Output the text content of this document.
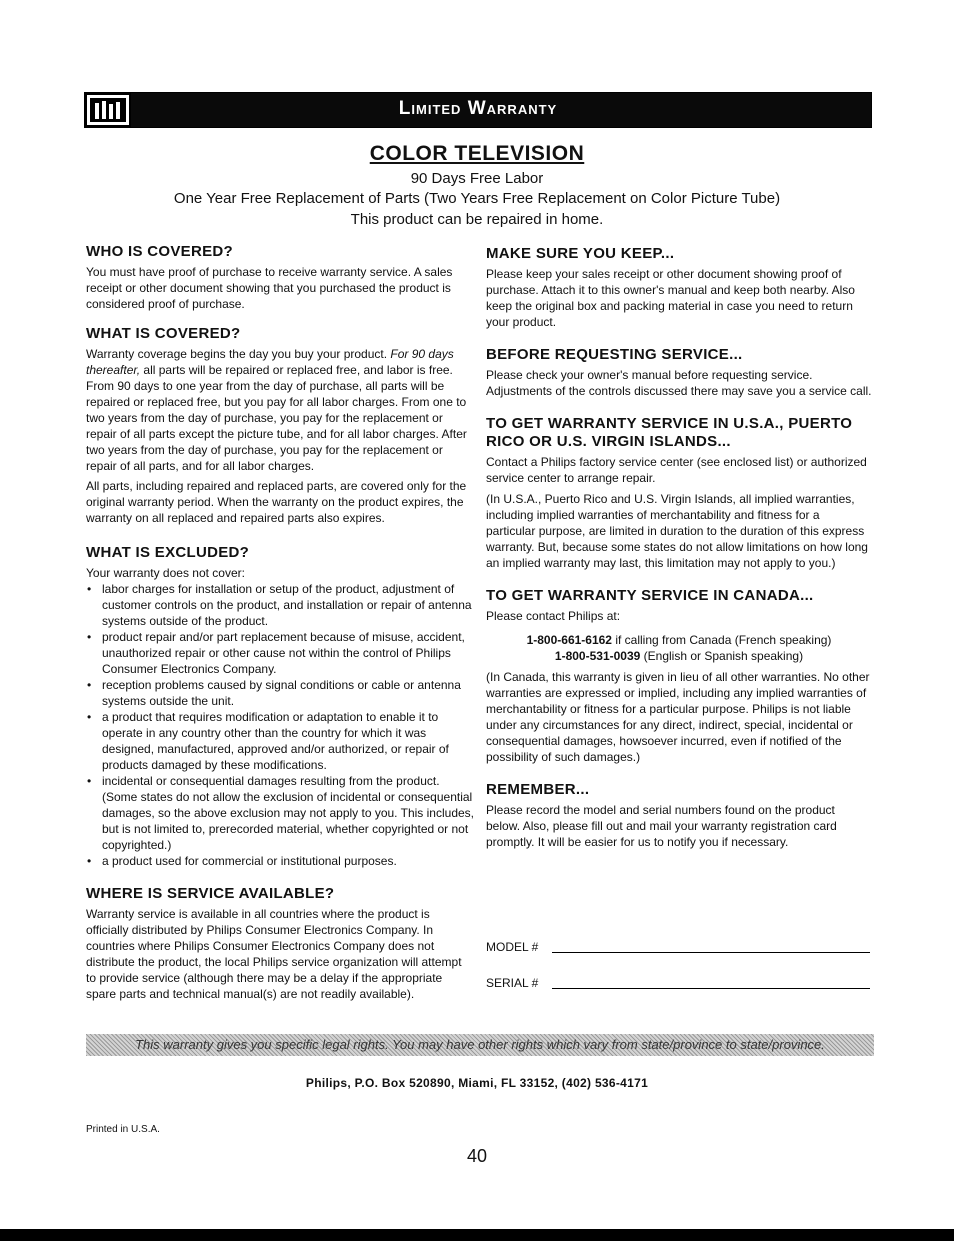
Limited Warranty
COLOR TELEVISION
90 Days Free Labor
One Year Free Replacement of Parts (Two Years Free Replacement on Color Picture Tube)
This product can be repaired in home.
WHO IS COVERED?

You must have proof of purchase to receive warranty service. A sales receipt or other document showing that you purchased the product is considered proof of purchase.

WHAT IS COVERED?

Warranty coverage begins the day you buy your product. For 90 days thereafter, all parts will be repaired or replaced free, and labor is free. From 90 days to one year from the day of purchase, all parts will be repaired or replaced free, but you pay for all labor charges. From one to two years from the day of purchase, you pay for the replacement or repair of all parts except the picture tube, and for all labor charges. After two years from the day of purchase, you pay for the replacement or repair of all parts, and for all labor charges.

All parts, including repaired and replaced parts, are covered only for the original warranty period. When the warranty on the product expires, the warranty on all replaced and repaired parts also expires.

WHAT IS EXCLUDED?

Your warranty does not cover:

• labor charges for installation or setup of the product, adjustment of customer controls on the product, and installation or repair of antenna systems outside of the product.
• product repair and/or part replacement because of misuse, accident, unauthorized repair or other cause not within the control of Philips Consumer Electronics Company.
• reception problems caused by signal conditions or cable or antenna systems outside the unit.
• a product that requires modification or adaptation to enable it to operate in any country other than the country for which it was designed, manufactured, approved and/or authorized, or repair of products damaged by these modifications.
• incidental or consequential damages resulting from the product. (Some states do not allow the exclusion of incidental or consequential damages, so the above exclusion may not apply to you. This includes, but is not limited to, prerecorded material, whether copyrighted or not copyrighted.)
• a product used for commercial or institutional purposes.
WHERE IS SERVICE AVAILABLE?

Warranty service is available in all countries where the product is officially distributed by Philips Consumer Electronics Company. In countries where Philips Consumer Electronics Company does not distribute the product, the local Philips service organization will attempt to provide service (although there may be a delay if the appropriate spare parts and technical manual(s) are not readily available).

MAKE SURE YOU KEEP...

Please keep your sales receipt or other document showing proof of purchase. Attach it to this owner's manual and keep both nearby. Also keep the original box and packing material in case you need to return your product.

BEFORE REQUESTING SERVICE...

Please check your owner's manual before requesting service. Adjustments of the controls discussed there may save you a service call.

TO GET WARRANTY SERVICE IN U.S.A., PUERTO RICO OR U.S. VIRGIN ISLANDS...

Contact a Philips factory service center (see enclosed list) or authorized service center to arrange repair.

(In U.S.A., Puerto Rico and U.S. Virgin Islands, all implied warranties, including implied warranties of merchantability and fitness for a particular purpose, are limited in duration to the duration of this express warranty. But, because some states do not allow limitations on how long an implied warranty may last, this limitation may not apply to you.)

TO GET WARRANTY SERVICE IN CANADA...

Please contact Philips at:

1-800-661-6162 if calling from Canada (French speaking)
1-800-531-0039 (English or Spanish speaking)

(In Canada, this warranty is given in lieu of all other warranties. No other warranties are expressed or implied, including any implied warranties of merchantability or fitness for a particular purpose. Philips is not liable under any circumstances for any direct, indirect, special, incidental or consequential damages, howsoever incurred, even if notified of the possibility of such damages.)

REMEMBER...

Please record the model and serial numbers found on the product below. Also, please fill out and mail your warranty registration card promptly. It will be easier for us to notify you if necessary.

MODEL #
SERIAL #
This warranty gives you specific legal rights. You may have other rights which vary from state/province to state/province.
Philips, P.O. Box 520890, Miami, FL 33152, (402) 536-4171
Printed in U.S.A.
40
